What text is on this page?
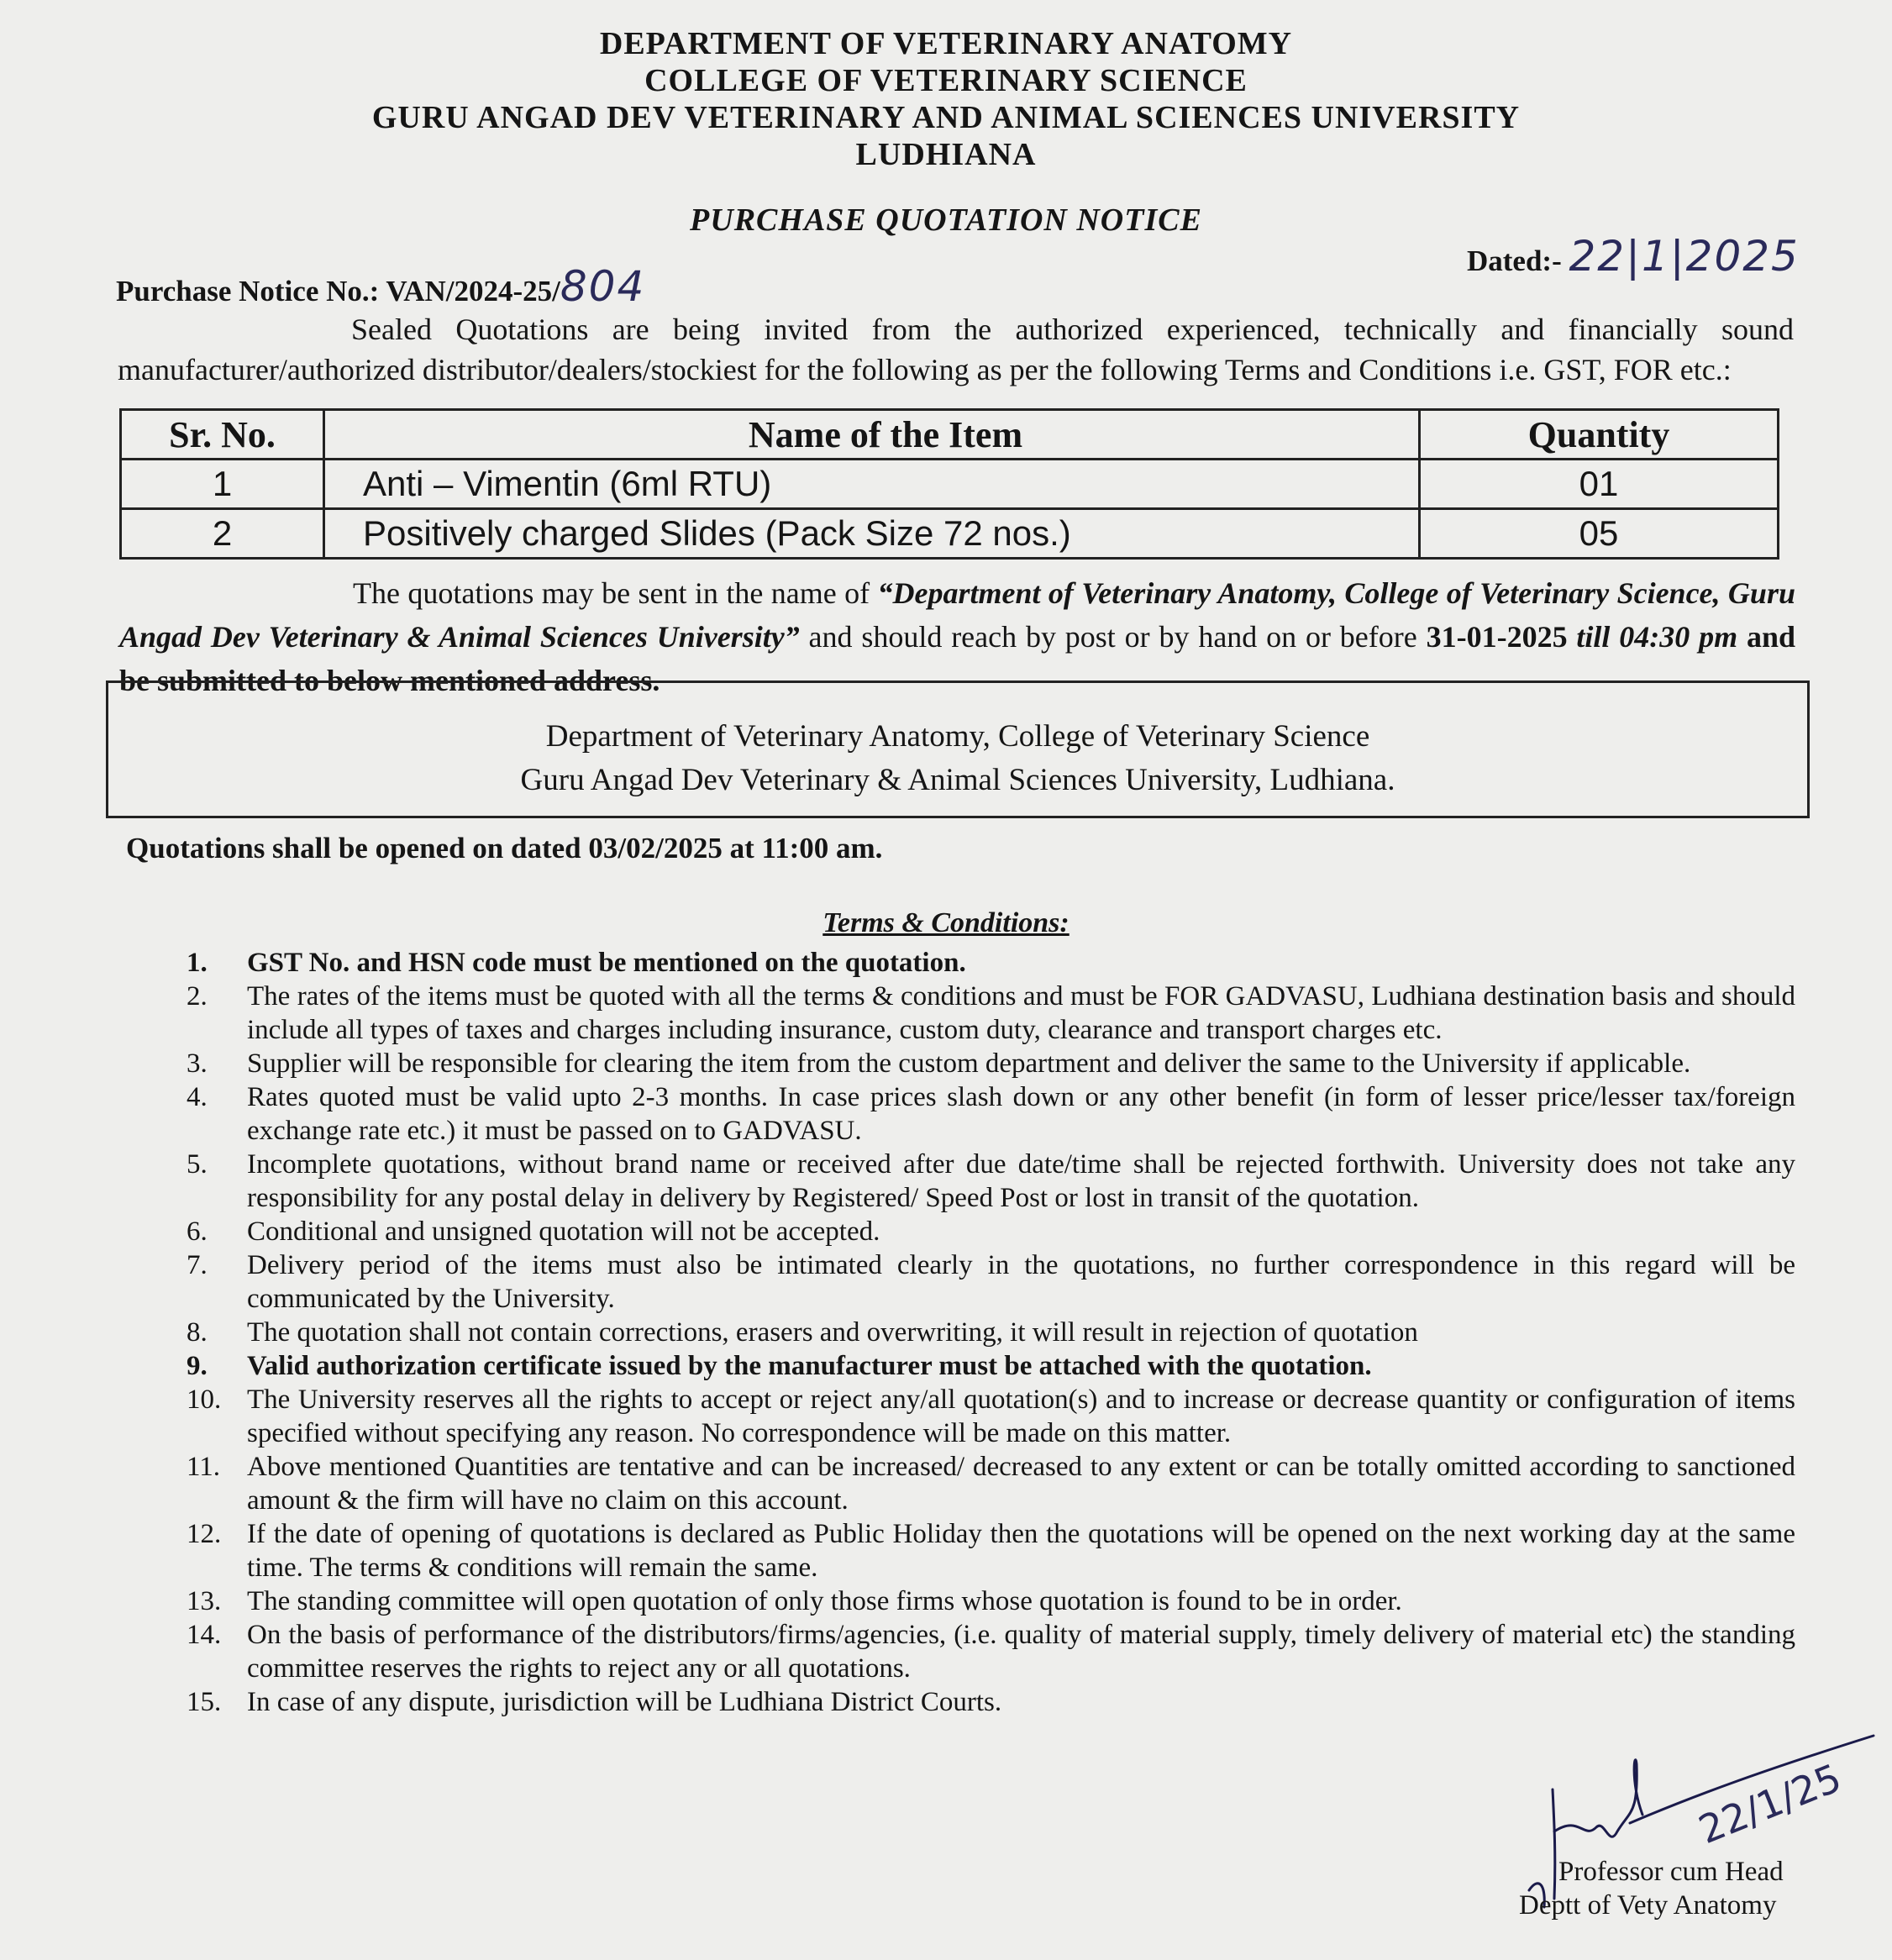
DEPARTMENT OF VETERINARY ANATOMY
COLLEGE OF VETERINARY SCIENCE
GURU ANGAD DEV VETERINARY AND ANIMAL SCIENCES UNIVERSITY
LUDHIANA
PURCHASE QUOTATION NOTICE
Purchase Notice No.: VAN/2024-25/804
Dated:- 22|1|2025

Sealed Quotations are being invited from the authorized experienced, technically and financially sound manufacturer/authorized distributor/dealers/stockiest for the following as per the following Terms and Conditions i.e. GST, FOR etc.:

Sr. No.	Name of the Item	Quantity
1	Anti – Vimentin (6ml RTU)	01
2	Positively charged Slides (Pack Size 72 nos.)	05

The quotations may be sent in the name of “Department of Veterinary Anatomy, College of Veterinary Science, Guru Angad Dev Veterinary & Animal Sciences University” and should reach by post or by hand on or before 31-01-2025 till 04:30 pm and be submitted to below mentioned address.

Department of Veterinary Anatomy, College of Veterinary Science
Guru Angad Dev Veterinary & Animal Sciences University, Ludhiana.
Quotations shall be opened on dated 03/02/2025 at 11:00 am.
Terms & Conditions:
1.	GST No. and HSN code must be mentioned on the quotation.
2.	The rates of the items must be quoted with all the terms & conditions and must be FOR GADVASU, Ludhiana destination basis and should include all types of taxes and charges including insurance, custom duty, clearance and transport charges etc.
3.	Supplier will be responsible for clearing the item from the custom department and deliver the same to the University if applicable.
4.	Rates quoted must be valid upto 2-3 months. In case prices slash down or any other benefit (in form of lesser price/lesser tax/foreign exchange rate etc.) it must be passed on to GADVASU.
5.	Incomplete quotations, without brand name or received after due date/time shall be rejected forthwith. University does not take any responsibility for any postal delay in delivery by Registered/ Speed Post or lost in transit of the quotation.
6.	Conditional and unsigned quotation will not be accepted.
7.	Delivery period of the items must also be intimated clearly in the quotations, no further correspondence in this regard will be communicated by the University.
8.	The quotation shall not contain corrections, erasers and overwriting, it will result in rejection of quotation
9.	Valid authorization certificate issued by the manufacturer must be attached with the quotation.
10. The University reserves all the rights to accept or reject any/all quotation(s) and to increase or decrease quantity or configuration of items specified without specifying any reason. No correspondence will be made on this matter.
11. Above mentioned Quantities are tentative and can be increased/ decreased to any extent or can be totally omitted according to sanctioned amount & the firm will have no claim on this account.
12. If the date of opening of quotations is declared as Public Holiday then the quotations will be opened on the next working day at the same time. The terms & conditions will remain the same.
13. The standing committee will open quotation of only those firms whose quotation is found to be in order.
14. On the basis of performance of the distributors/firms/agencies, (i.e. quality of material supply, timely delivery of material etc) the standing committee reserves the rights to reject any or all quotations.
15. In case of any dispute, jurisdiction will be Ludhiana District Courts.
22/1/25
Professor cum Head
Deptt of Vety Anatomy
